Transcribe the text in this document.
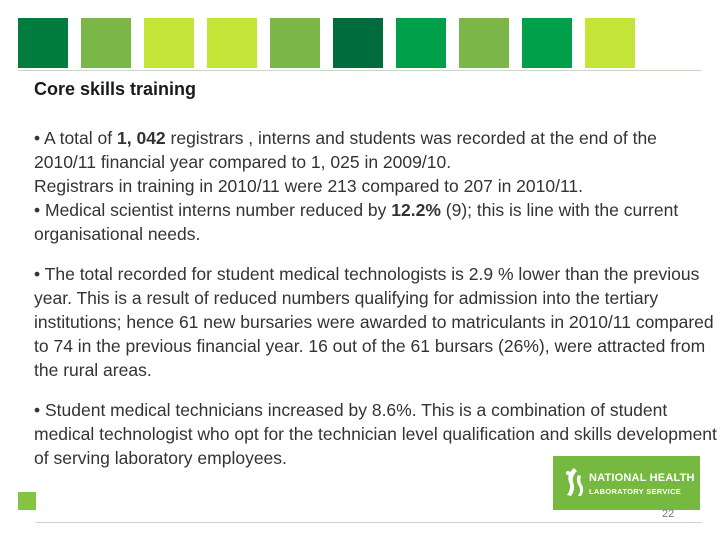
Core skills training

• A total of 1, 042 registrars , interns and students was recorded at the end of the 2010/11 financial year compared to 1, 025 in 2009/10.

Registrars in training in 2010/11 were 213 compared to 207 in 2010/11.

• Medical scientist interns number reduced by 12.2% (9); this is line with the current organisational needs.

• The total recorded for student medical technologists is 2.9 % lower than the previous year. This is a result of reduced numbers qualifying for admission into the tertiary institutions; hence 61 new bursaries were awarded to matriculants in 2010/11 compared to 74 in the previous financial year. 16 out of the 61 bursars (26%), were attracted from the rural areas.

• Student medical technicians increased by 8.6%. This is a combination of student medical technologist who opt for the technician level qualification and skills development of serving laboratory employees.

NATIONAL HEALTH
LABORATORY SERVICE
22
